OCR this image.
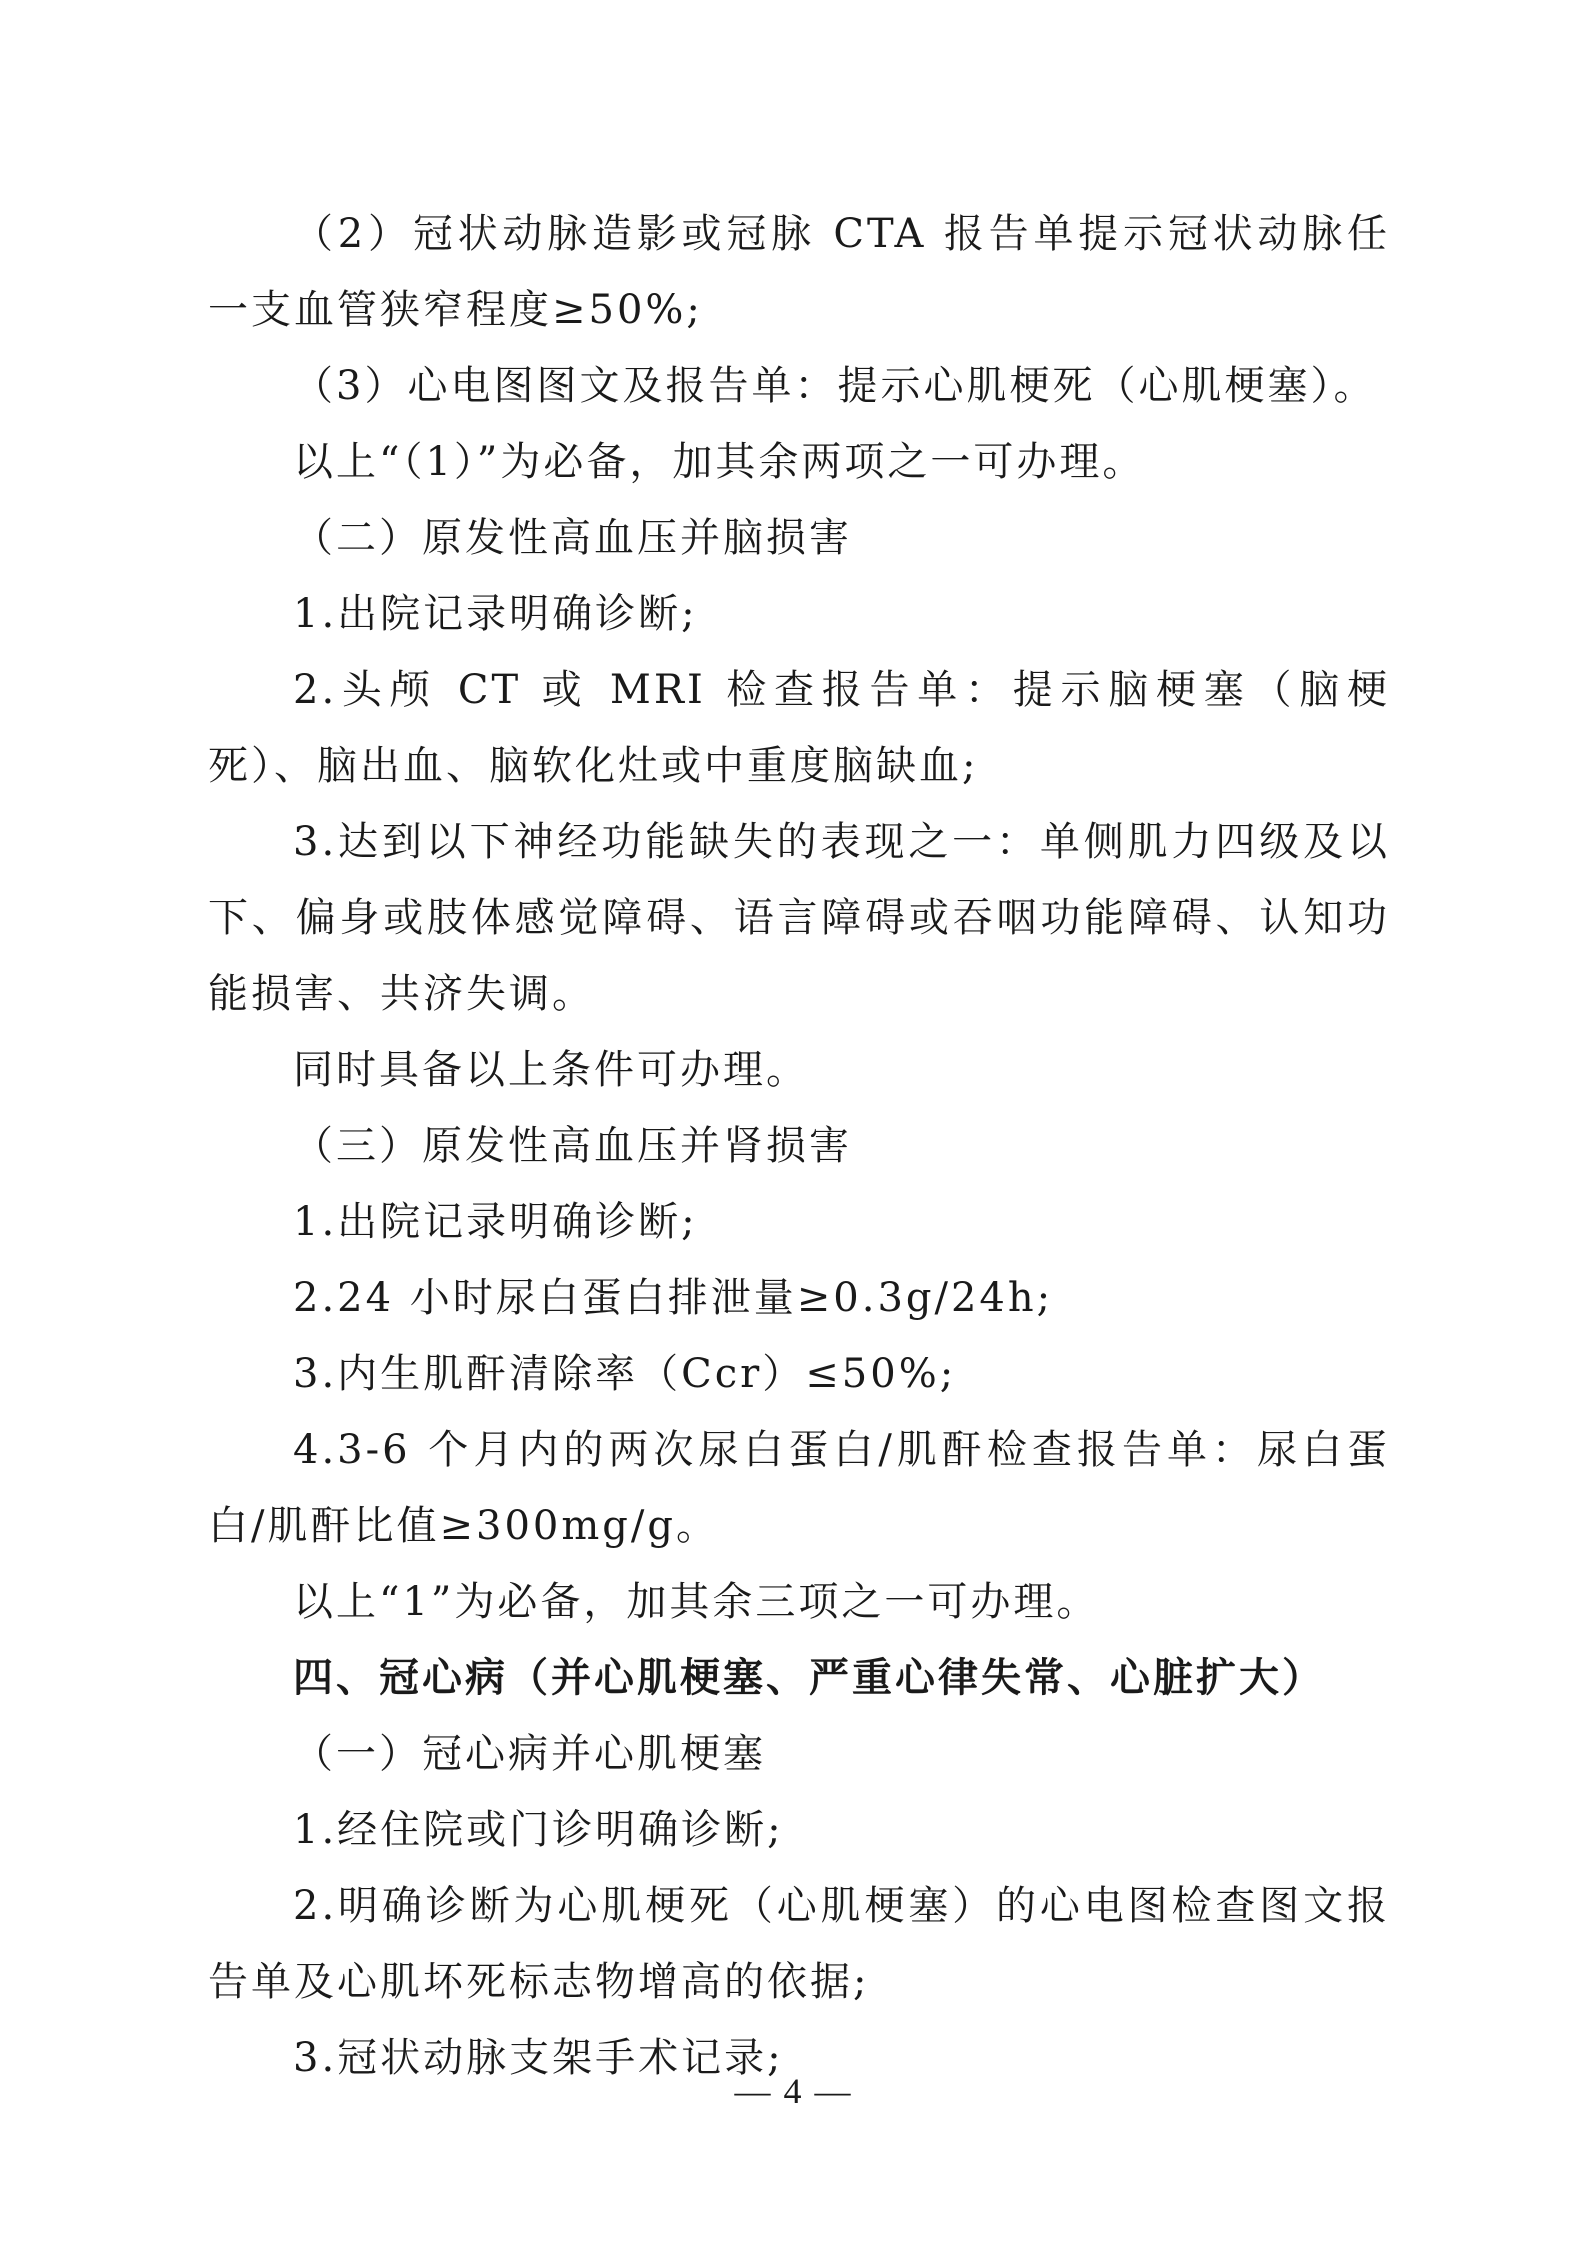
（2）冠状动脉造影或冠脉 CTA 报告单提示冠状动脉任一支血管狭窄程度≥50%;

（3）心电图图文及报告单：提示心肌梗死（心肌梗塞）。

以上“（1）”为必备，加其余两项之一可办理。

（二）原发性高血压并脑损害

1.出院记录明确诊断;

2.头颅 CT 或 MRI 检查报告单：提示脑梗塞（脑梗死）、脑出血、脑软化灶或中重度脑缺血;

3.达到以下神经功能缺失的表现之一：单侧肌力四级及以下、偏身或肢体感觉障碍、语言障碍或吞咽功能障碍、认知功能损害、共济失调。

同时具备以上条件可办理。

（三）原发性高血压并肾损害

1.出院记录明确诊断;

2.24 小时尿白蛋白排泄量≥0.3g/24h;

3.内生肌酐清除率（Ccr）≤50%;

4.3-6 个月内的两次尿白蛋白/肌酐检查报告单：尿白蛋白/肌酐比值≥300mg/g。

以上“1”为必备，加其余三项之一可办理。

四、冠心病（并心肌梗塞、严重心律失常、心脏扩大）

（一）冠心病并心肌梗塞

1.经住院或门诊明确诊断;

2.明确诊断为心肌梗死（心肌梗塞）的心电图检查图文报告单及心肌坏死标志物增高的依据;

3.冠状动脉支架手术记录;

— 4 —
